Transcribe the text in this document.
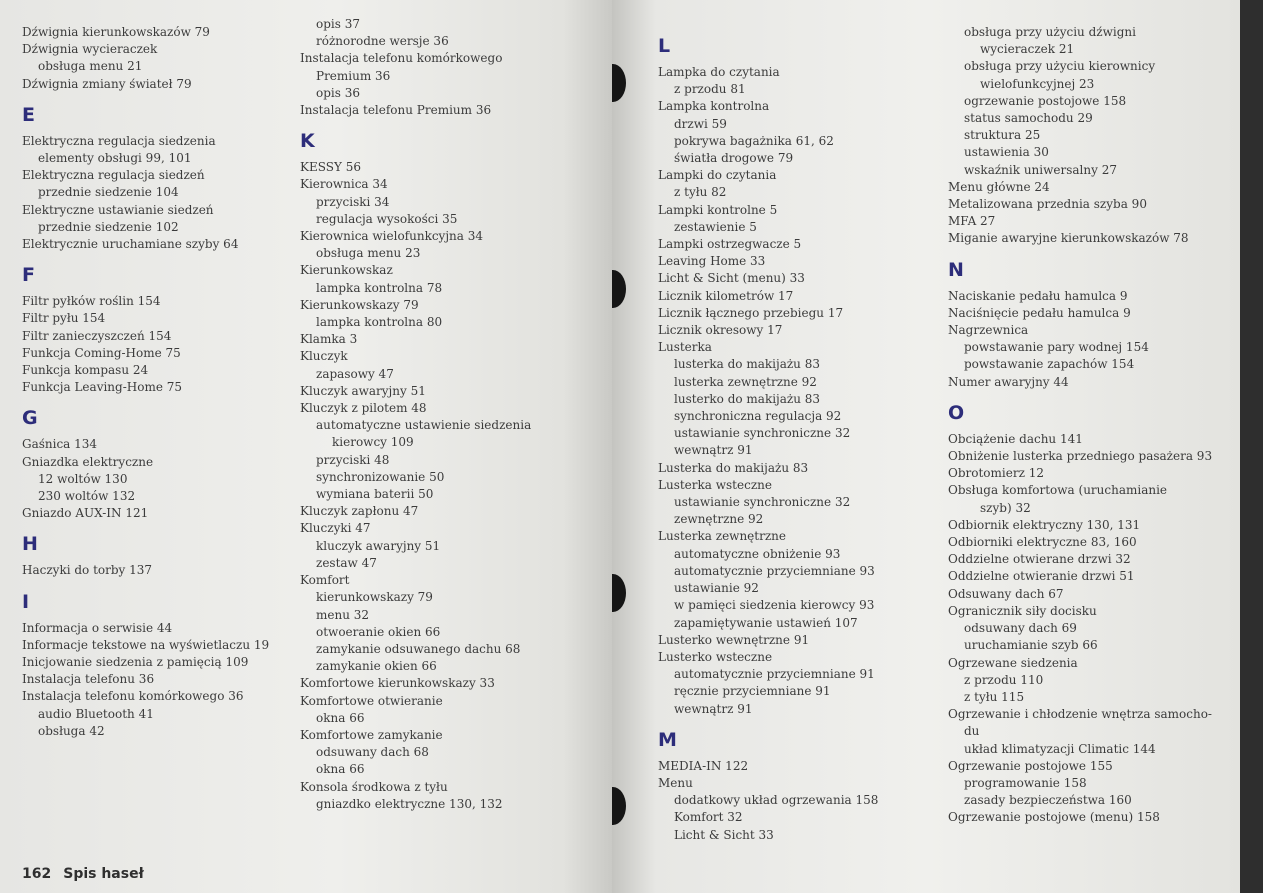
Dźwignia kierunkowskazów 79
Dźwignia wycieraczek
obsługa menu 21
Dźwignia zmiany świateł 79
E
Elektryczna regulacja siedzenia
elementy obsługi 99, 101
Elektryczna regulacja siedzeń
przednie siedzenie 104
Elektryczne ustawianie siedzeń
przednie siedzenie 102
Elektrycznie uruchamiane szyby 64
F
Filtr pyłków roślin 154
Filtr pyłu 154
Filtr zanieczyszczeń 154
Funkcja Coming-Home 75
Funkcja kompasu 24
Funkcja Leaving-Home 75
G
Gaśnica 134
Gniazdka elektryczne
12 woltów 130
230 woltów 132
Gniazdo AUX-IN 121
H
Haczyki do torby 137
I
Informacja o serwisie 44
Informacje tekstowe na wyświetlaczu 19
Inicjowanie siedzenia z pamięcią 109
Instalacja telefonu 36
Instalacja telefonu komórkowego 36
audio Bluetooth 41
obsługa 42
opis 37
różnorodne wersje 36
Instalacja telefonu komórkowego
Premium 36
opis 36
Instalacja telefonu Premium 36
K
KESSY 56
Kierownica 34
przyciski 34
regulacja wysokości 35
Kierownica wielofunkcyjna 34
obsługa menu 23
Kierunkowskaz
lampka kontrolna 78
Kierunkowskazy 79
lampka kontrolna 80
Klamka 3
Kluczyk
zapasowy 47
Kluczyk awaryjny 51
Kluczyk z pilotem 48
automatyczne ustawienie siedzenia
kierowcy 109
przyciski 48
synchronizowanie 50
wymiana baterii 50
Kluczyk zapłonu 47
Kluczyki 47
kluczyk awaryjny 51
zestaw 47
Komfort
kierunkowskazy 79
menu 32
otwoeranie okien 66
zamykanie odsuwanego dachu 68
zamykanie okien 66
Komfortowe kierunkowskazy 33
Komfortowe otwieranie
okna 66
Komfortowe zamykanie
odsuwany dach 68
okna 66
Konsola środkowa z tyłu
gniazdko elektryczne 130, 132
162 Spis haseł
L
Lampka do czytania
z przodu 81
Lampka kontrolna
drzwi 59
pokrywa bagażnika 61, 62
światła drogowe 79
Lampki do czytania
z tyłu 82
Lampki kontrolne 5
zestawienie 5
Lampki ostrzegwacze 5
Leaving Home 33
Licht & Sicht (menu) 33
Licznik kilometrów 17
Licznik łącznego przebiegu 17
Licznik okresowy 17
Lusterka
lusterka do makijażu 83
lusterka zewnętrzne 92
lusterko do makijażu 83
synchroniczna regulacja 92
ustawianie synchroniczne 32
wewnątrz 91
Lusterka do makijażu 83
Lusterka wsteczne
ustawianie synchroniczne 32
zewnętrzne 92
Lusterka zewnętrzne
automatyczne obniżenie 93
automatycznie przyciemniane 93
ustawianie 92
w pamięci siedzenia kierowcy 93
zapamiętywanie ustawień 107
Lusterko wewnętrzne 91
Lusterko wsteczne
automatycznie przyciemniane 91
ręcznie przyciemniane 91
wewnątrz 91
M
MEDIA-IN 122
Menu
dodatkowy układ ogrzewania 158
Komfort 32
Licht & Sicht 33
obsługa przy użyciu dźwigni
wycieraczek 21
obsługa przy użyciu kierownicy
wielofunkcyjnej 23
ogrzewanie postojowe 158
status samochodu 29
struktura 25
ustawienia 30
wskaźnik uniwersalny 27
Menu główne 24
Metalizowana przednia szyba 90
MFA 27
Miganie awaryjne kierunkowskazów 78
N
Naciskanie pedału hamulca 9
Naciśnięcie pedału hamulca 9
Nagrzewnica
powstawanie pary wodnej 154
powstawanie zapachów 154
Numer awaryjny 44
O
Obciążenie dachu 141
Obniżenie lusterka przedniego pasażera 93
Obrotomierz 12
Obsługa komfortowa (uruchamianie
szyb) 32
Odbiornik elektryczny 130, 131
Odbiorniki elektryczne 83, 160
Oddzielne otwierane drzwi 32
Oddzielne otwieranie drzwi 51
Odsuwany dach 67
Ogranicznik siły docisku
odsuwany dach 69
uruchamianie szyb 66
Ogrzewane siedzenia
z przodu 110
z tyłu 115
Ogrzewanie i chłodzenie wnętrza samocho-
du
układ klimatyzacji Climatic 144
Ogrzewanie postojowe 155
programowanie 158
zasady bezpieczeństwa 160
Ogrzewanie postojowe (menu) 158
